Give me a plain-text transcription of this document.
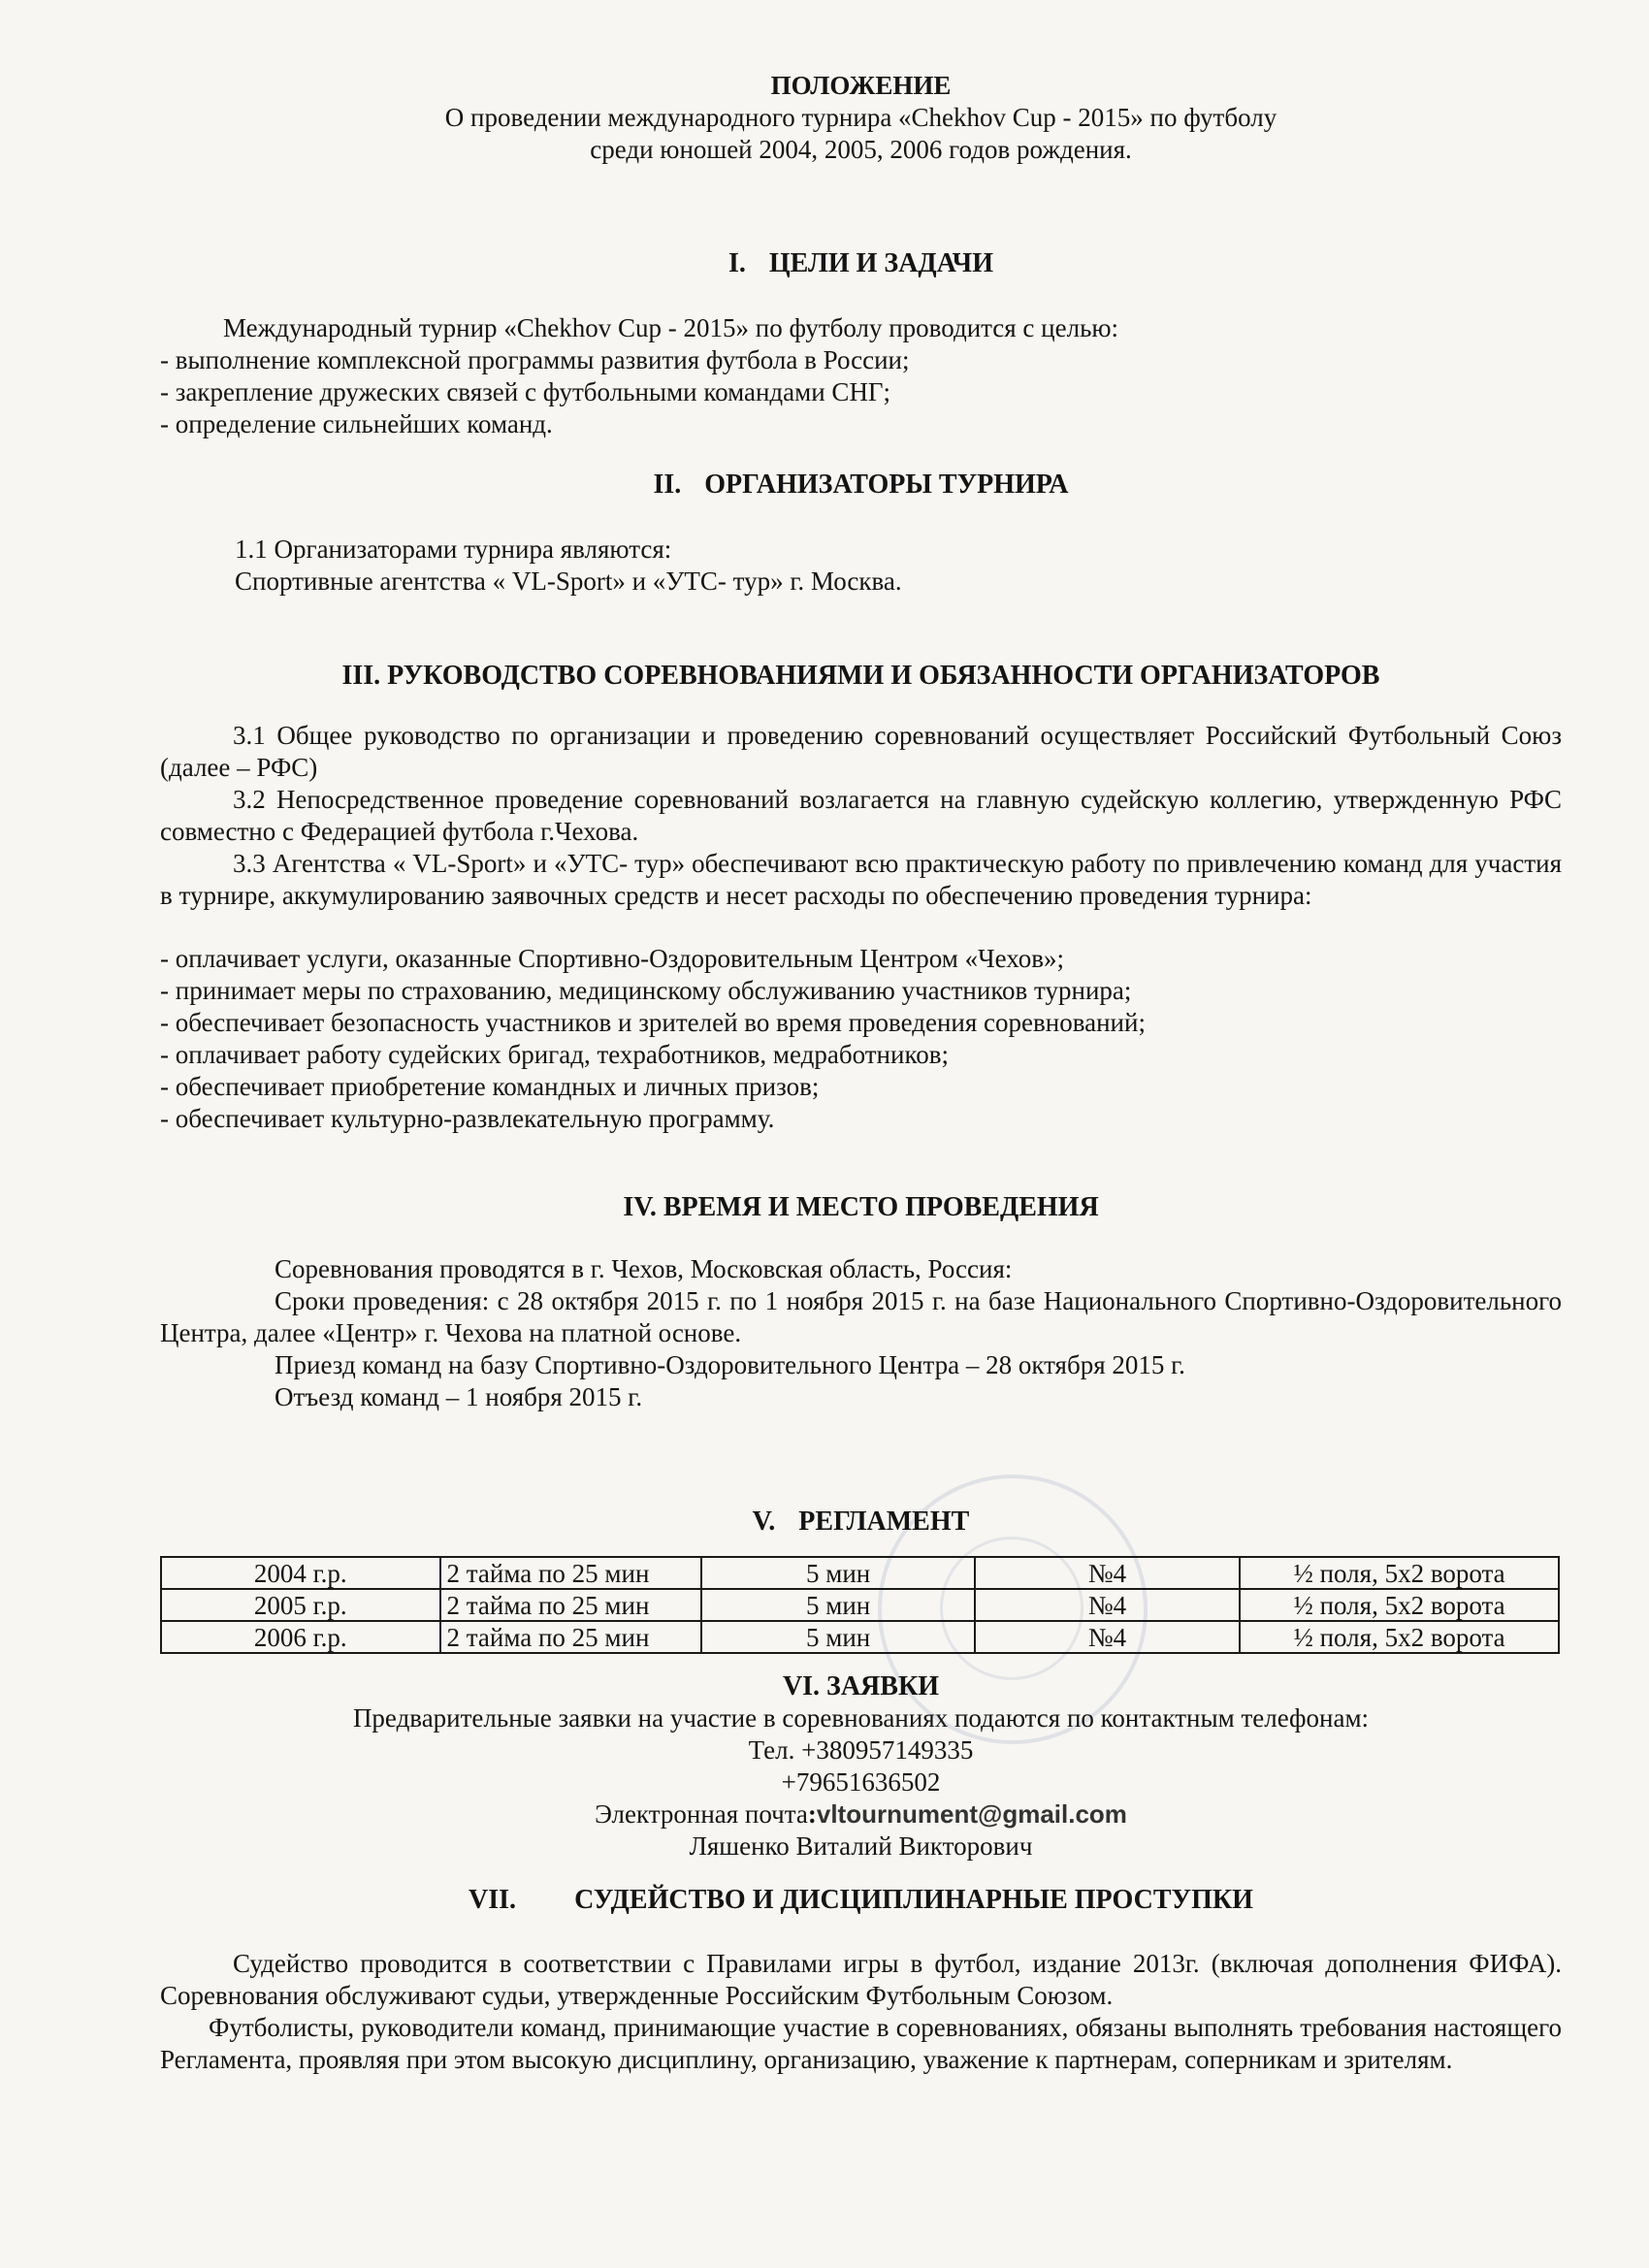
ПОЛОЖЕНИЕ
О проведении международного турнира «Chekhov Cup - 2015» по футболу
среди юношей 2004, 2005, 2006 годов рождения.
I. ЦЕЛИ И ЗАДАЧИ
Международный турнир «Chekhov Cup - 2015» по футболу проводится с целью:
- выполнение комплексной программы развития футбола в России;
- закрепление дружеских связей с футбольными командами СНГ;
- определение сильнейших команд.
II. ОРГАНИЗАТОРЫ ТУРНИРА
1.1 Организаторами турнира являются:
Спортивные агентства « VL-Sport» и «УТС- тур» г. Москва.
III. РУКОВОДСТВО СОРЕВНОВАНИЯМИ И ОБЯЗАННОСТИ ОРГАНИЗАТОРОВ
3.1 Общее руководство по организации и проведению соревнований осуществляет Российский Футбольный Союз (далее – РФС)
3.2 Непосредственное проведение соревнований возлагается на главную судейскую коллегию, утвержденную РФС совместно с Федерацией футбола г.Чехова.
3.3 Агентства « VL-Sport» и «УТС- тур» обеспечивают всю практическую работу по привлечению команд для участия в турнире, аккумулированию заявочных средств и несет расходы по обеспечению проведения турнира:
- оплачивает услуги, оказанные Спортивно-Оздоровительным Центром «Чехов»;
- принимает меры по страхованию, медицинскому обслуживанию участников турнира;
- обеспечивает безопасность участников и зрителей во время проведения соревнований;
- оплачивает работу судейских бригад, техработников, медработников;
- обеспечивает приобретение командных и личных призов;
- обеспечивает культурно-развлекательную программу.
IV. ВРЕМЯ И МЕСТО ПРОВЕДЕНИЯ
Соревнования проводятся в г. Чехов, Московская область, Россия:
Сроки проведения: с 28 октября 2015 г. по 1 ноября 2015 г. на базе Национального Спортивно-Оздоровительного Центра, далее «Центр» г. Чехова на платной основе.
Приезд команд на базу Спортивно-Оздоровительного Центра – 28 октября 2015 г.
Отъезд команд – 1 ноября 2015 г.
V. РЕГЛАМЕНТ
2004 г.р.	2 тайма по 25 мин	5 мин	№4	½ поля, 5х2 ворота
2005 г.р.	2 тайма по 25 мин	5 мин	№4	½ поля, 5х2 ворота
2006 г.р.	2 тайма по 25 мин	5 мин	№4	½ поля, 5х2 ворота
VI. ЗАЯВКИ
Предварительные заявки на участие в соревнованиях подаются по контактным телефонам:
Тел. +380957149335
+79651636502
Электронная почта:vltournument@gmail.com
Ляшенко Виталий Викторович
VII. СУДЕЙСТВО И ДИСЦИПЛИНАРНЫЕ ПРОСТУПКИ
Судейство проводится в соответствии с Правилами игры в футбол, издание 2013г. (включая дополнения ФИФА). Соревнования обслуживают судьи, утвержденные Российским Футбольным Союзом.
Футболисты, руководители команд, принимающие участие в соревнованиях, обязаны выполнять требования настоящего Регламента, проявляя при этом высокую дисциплину, организацию, уважение к партнерам, соперникам и зрителям.
